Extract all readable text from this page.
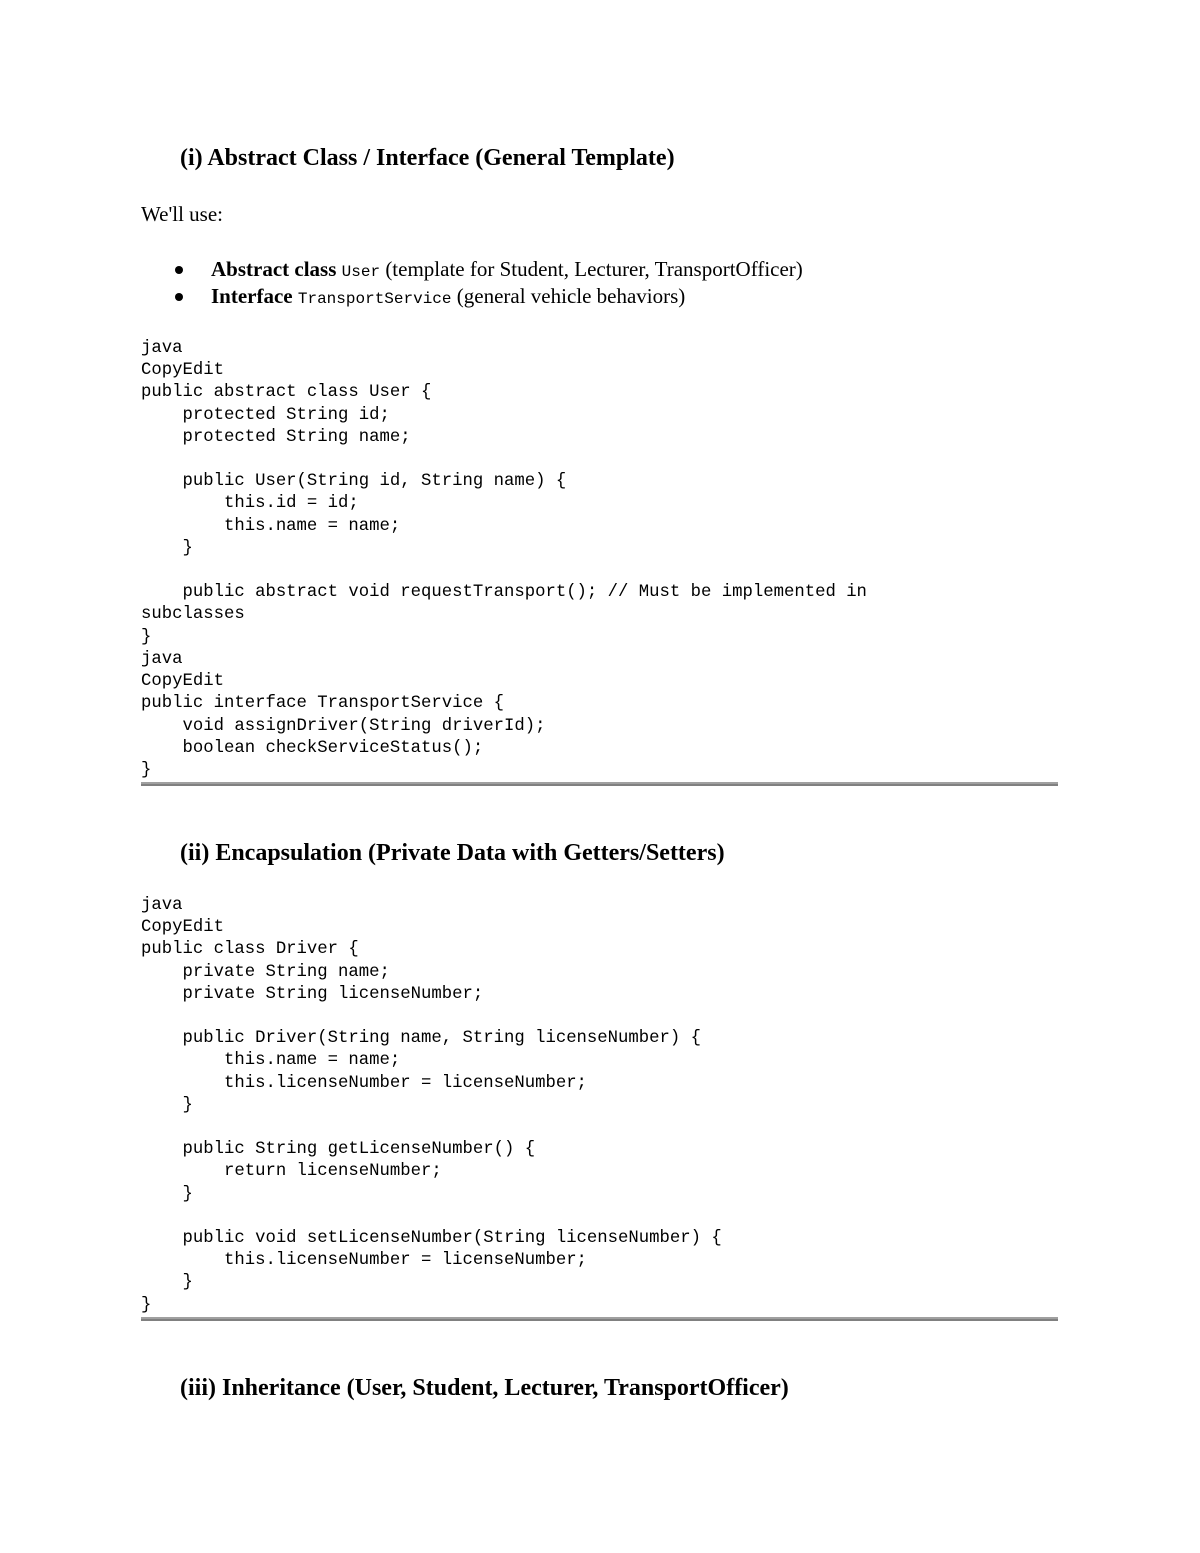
(i) Abstract Class / Interface (General Template)

We'll use:

Abstract class User (template for Student, Lecturer, TransportOfficer)
Interface TransportService (general vehicle behaviors)
java
CopyEdit
public abstract class User {
protected String id;
protected String name;

public User(String id, String name) {
this.id = id;
this.name = name;
}

public abstract void requestTransport(); // Must be implemented in
subclasses
}
java
CopyEdit
public interface TransportService {
void assignDriver(String driverId);
boolean checkServiceStatus();
}
(ii) Encapsulation (Private Data with Getters/Setters)
java
CopyEdit
public class Driver {
private String name;
private String licenseNumber;

public Driver(String name, String licenseNumber) {
this.name = name;
this.licenseNumber = licenseNumber;
}

public String getLicenseNumber() {
return licenseNumber;
}

public void setLicenseNumber(String licenseNumber) {
this.licenseNumber = licenseNumber;
}
}
(iii) Inheritance (User, Student, Lecturer, TransportOfficer)
